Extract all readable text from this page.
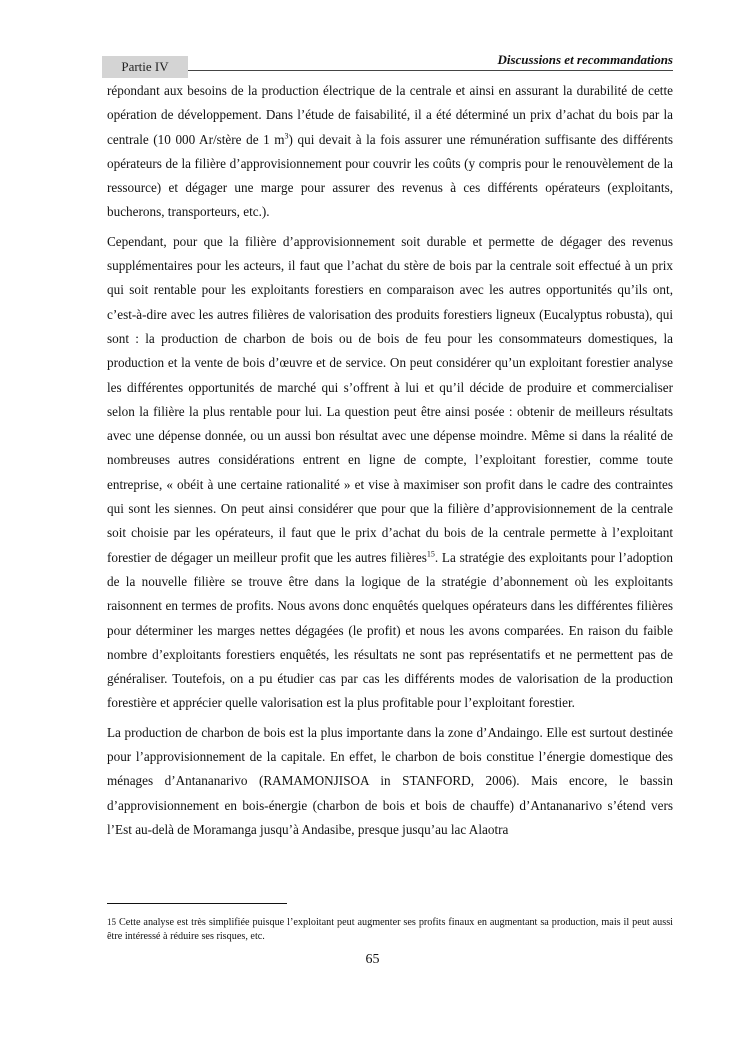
Partie IV	Discussions et recommandations

répondant aux besoins de la production électrique de la centrale et ainsi en assurant la durabilité de cette opération de développement. Dans l’étude de faisabilité, il a été déterminé un prix d’achat du bois par la centrale (10 000 Ar/stère de 1 m$^3$) qui devait à la fois assurer une rémunération suffisante des différents opérateurs de la filière d’approvisionnement pour couvrir les coûts (y compris pour le renouvèlement de la ressource) et dégager une marge pour assurer des revenus à ces différents opérateurs (exploitants, bucherons, transporteurs, etc.).

Cependant, pour que la filière d’approvisionnement soit durable et permette de dégager des revenus supplémentaires pour les acteurs, il faut que l’achat du stère de bois par la centrale soit effectué à un prix qui soit rentable pour les exploitants forestiers en comparaison avec les autres opportunités qu’ils ont, c’est-à-dire avec les autres filières de valorisation des produits forestiers ligneux (Eucalyptus robusta), qui sont : la production de charbon de bois ou de bois de feu pour les consommateurs domestiques, la production et la vente de bois d’œuvre et de service. On peut considérer qu’un exploitant forestier analyse les différentes opportunités de marché qui s’offrent à lui et qu’il décide de produire et commercialiser selon la filière la plus rentable pour lui. La question peut être ainsi posée : obtenir de meilleurs résultats avec une dépense donnée, ou un aussi bon résultat avec une dépense moindre. Même si dans la réalité de nombreuses autres considérations entrent en ligne de compte, l’exploitant forestier, comme toute entreprise, « obéit à une certaine rationalité » et vise à maximiser son profit dans le cadre des contraintes qui sont les siennes. On peut ainsi considérer que pour que la filière d’approvisionnement de la centrale soit choisie par les opérateurs, il faut que le prix d’achat du bois de la centrale permette à l’exploitant forestier de dégager un meilleur profit que les autres filières$^{15}$. La stratégie des exploitants pour l’adoption de la nouvelle filière se trouve être dans la logique de la stratégie d’abonnement où les exploitants raisonnent en termes de profits. Nous avons donc enquêtés quelques opérateurs dans les différentes filières pour déterminer les marges nettes dégagées (le profit) et nous les avons comparées. En raison du faible nombre d’exploitants forestiers enquêtés, les résultats ne sont pas représentatifs et ne permettent pas de généraliser. Toutefois, on a pu étudier cas par cas les différents modes de valorisation de la production forestière et apprécier quelle valorisation est la plus profitable pour l’exploitant forestier.

La production de charbon de bois est la plus importante dans la zone d’Andaingo. Elle est surtout destinée pour l’approvisionnement de la capitale. En effet, le charbon de bois constitue l’énergie domestique des ménages d’Antananarivo (RAMAMONJISOA in STANFORD, 2006). Mais encore, le bassin d’approvisionnement en bois-énergie (charbon de bois et bois de chauffe) d’Antananarivo s’étend vers l’Est au-delà de Moramanga jusqu’à Andasibe, presque jusqu’au lac Alaotra

15 Cette analyse est très simplifiée puisque l’exploitant peut augmenter ses profits finaux en augmentant sa production, mais il peut aussi être intéressé à réduire ses risques, etc.
65
